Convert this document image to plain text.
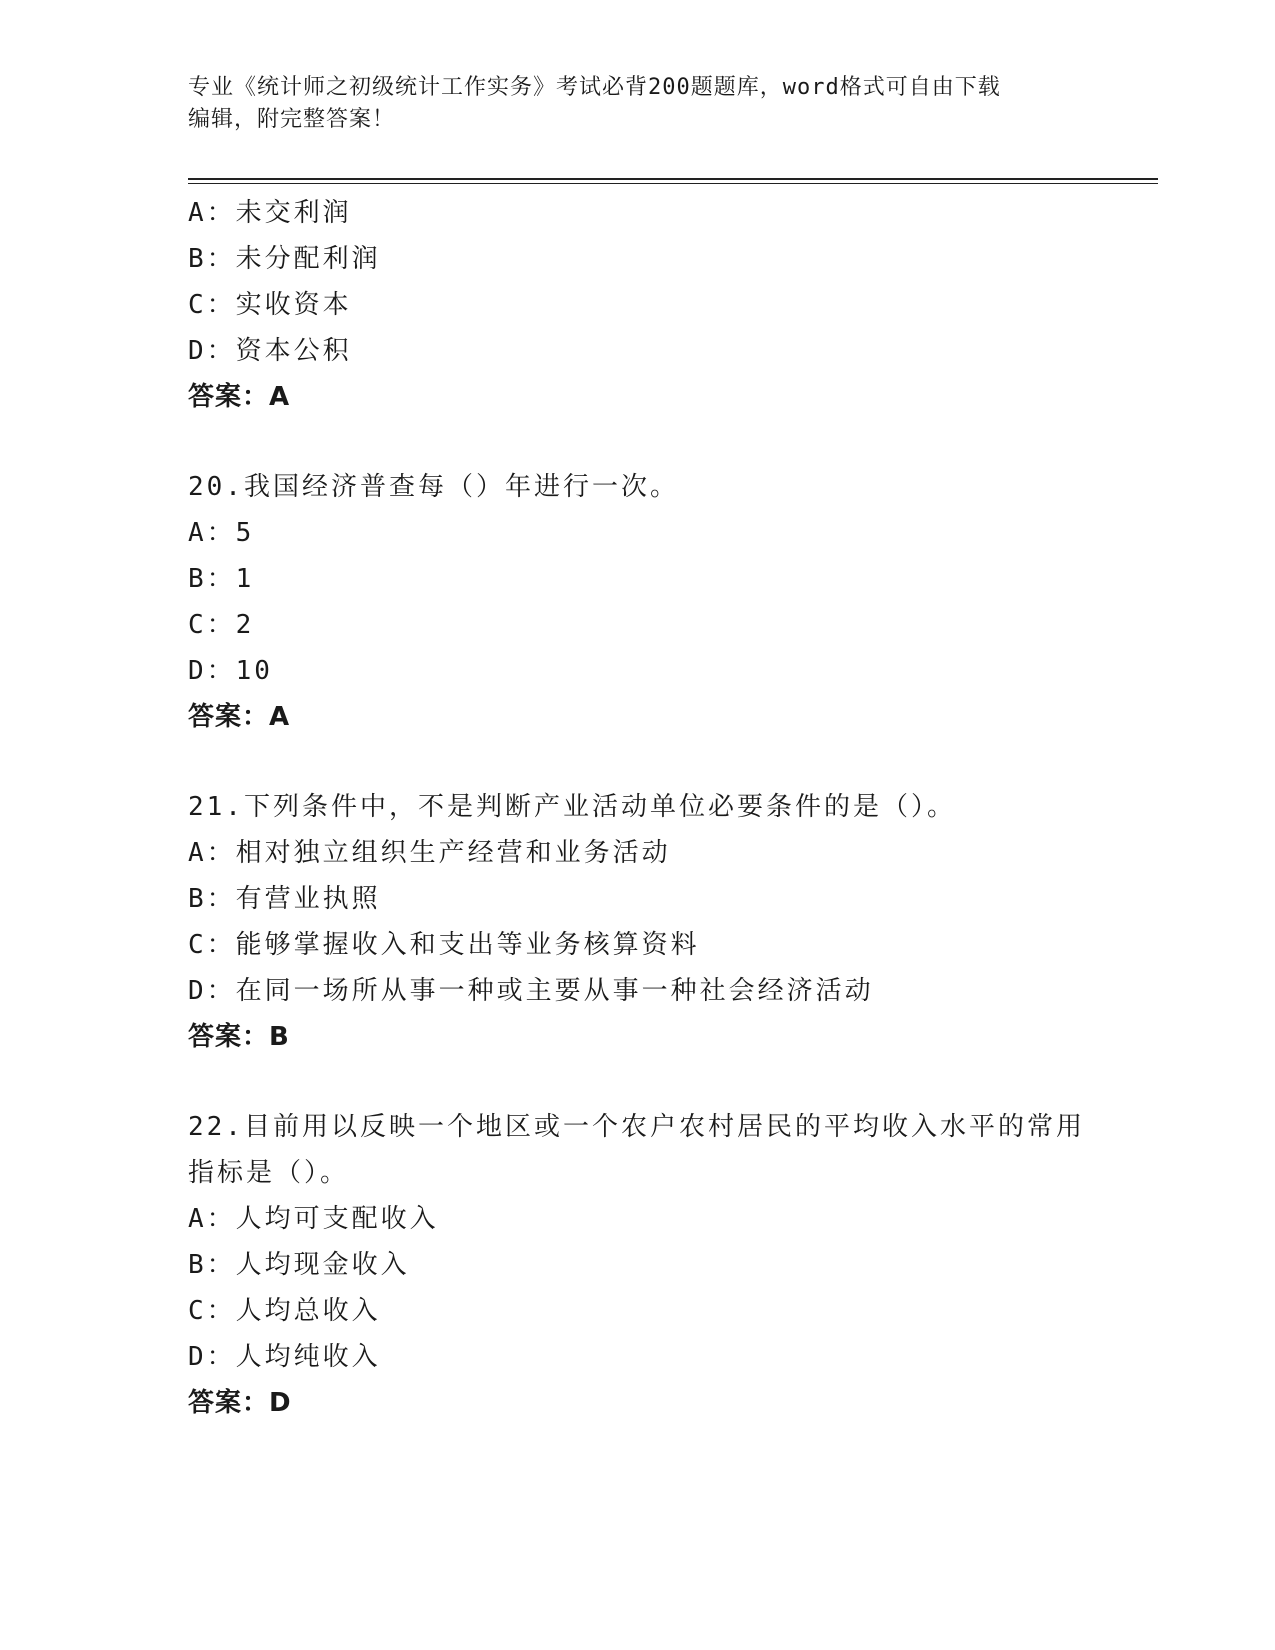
专业《统计师之初级统计工作实务》考试必背200题题库，word格式可自由下载
编辑，附完整答案！
A：未交利润
B：未分配利润
C：实收资本
D：资本公积
答案：A
20.我国经济普查每（）年进行一次。
A：5
B：1
C：2
D：10
答案：A
21.下列条件中，不是判断产业活动单位必要条件的是（）。
A：相对独立组织生产经营和业务活动
B：有营业执照
C：能够掌握收入和支出等业务核算资料
D：在同一场所从事一种或主要从事一种社会经济活动
答案：B
22.目前用以反映一个地区或一个农户农村居民的平均收入水平的常用
指标是（）。
A：人均可支配收入
B：人均现金收入
C：人均总收入
D：人均纯收入
答案：D
